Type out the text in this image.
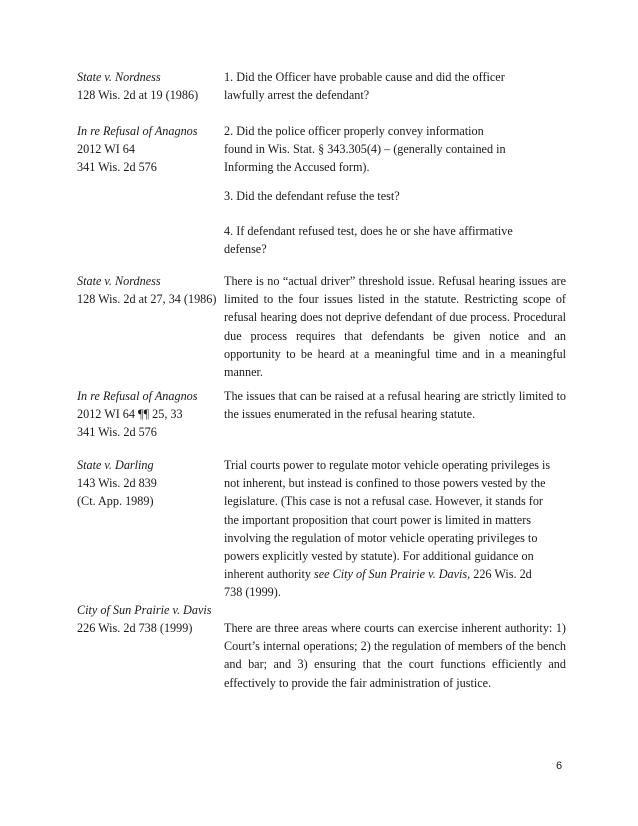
State v. Nordness
128 Wis. 2d at 19 (1986)
1. Did the Officer have probable cause and did the officer
lawfully arrest the defendant?
In re Refusal of Anagnos
2012 WI 64
341 Wis. 2d 576
2. Did the police officer properly convey information
found in Wis. Stat. § 343.305(4) – (generally contained in
Informing the Accused form).
3. Did the defendant refuse the test?
4. If defendant refused test, does he or she have affirmative
defense?
State v. Nordness
128 Wis. 2d at 27, 34 (1986)
There is no “actual driver” threshold issue. Refusal hearing issues are limited to the four issues listed in the statute. Restricting scope of refusal hearing does not deprive defendant of due process. Procedural due process requires that defendants be given notice and an opportunity to be heard at a meaningful time and in a meaningful manner.
In re Refusal of Anagnos
2012 WI 64 ¶¶ 25, 33
341 Wis. 2d 576
The issues that can be raised at a refusal hearing are strictly limited to the issues enumerated in the refusal hearing statute.
State v. Darling
143 Wis. 2d 839
(Ct. App. 1989)
Trial courts power to regulate motor vehicle operating privileges is
not inherent, but instead is confined to those powers vested by the
legislature. (This case is not a refusal case. However, it stands for
the important proposition that court power is limited in matters
involving the regulation of motor vehicle operating privileges to
powers explicitly vested by statute). For additional guidance on
inherent authority see City of Sun Prairie v. Davis, 226 Wis. 2d
738 (1999).
City of Sun Prairie v. Davis
226 Wis. 2d 738 (1999)	There are three areas where courts can exercise inherent authority: 1) Court’s internal operations; 2) the regulation of members of the bench and bar; and 3) ensuring that the court functions efficiently and effectively to provide the fair administration of justice.
6
